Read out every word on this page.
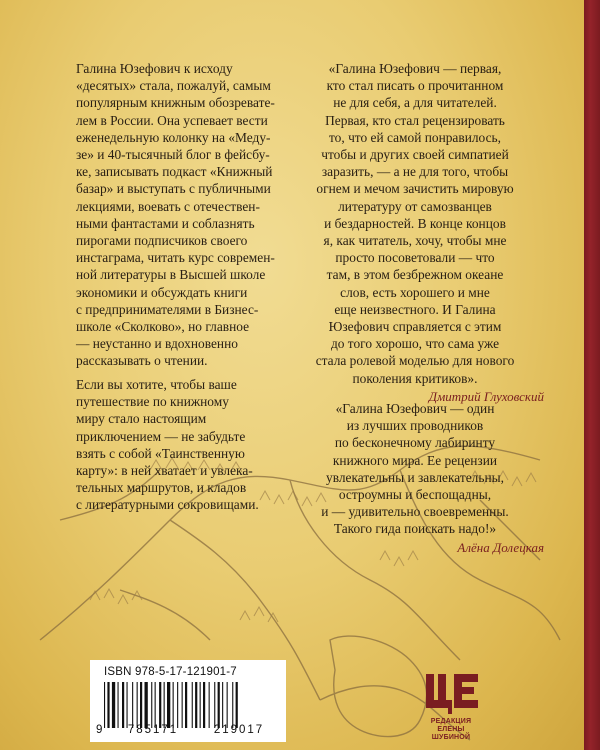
Галина Юзефович к исходу
«десятых» стала, пожалуй, самым
популярным книжным обозревате-
лем в России. Она успевает вести
еженедельную колонку на «Меду-
зе» и 40-тысячный блог в фейсбу-
ке, записывать подкаст «Книжный
базар» и выступать с публичными
лекциями, воевать с отечествен-
ными фантастами и соблазнять
пирогами подписчиков своего
инстаграма, читать курс современ-
ной литературы в Высшей школе
экономики и обсуждать книги
с предпринимателями в Бизнес-
школе «Сколково», но главное
— неустанно и вдохновенно
рассказывать о чтении.
Если вы хотите, чтобы ваше
путешествие по книжному
миру стало настоящим
приключением — не забудьте
взять с собой «Таинственную
карту»: в ней хватает и увлека-
тельных маршрутов, и кладов
с литературными сокровищами.
«Галина Юзефович — первая,
кто стал писать о прочитанном
не для себя, а для читателей.
Первая, кто стал рецензировать
то, что ей самой понравилось,
чтобы и других своей симпатией
заразить, — а не для того, чтобы
огнем и мечом зачистить мировую
литературу от самозванцев
и бездарностей. В конце концов
я, как читатель, хочу, чтобы мне
просто посоветовали — что
там, в этом безбрежном океане
слов, есть хорошего и мне
еще неизвестного. И Галина
Юзефович справляется с этим
до того хорошо, что сама уже
стала ролевой моделью для нового
поколения критиков».
Дмитрий Глуховский
«Галина Юзефович — один
из лучших проводников
по бесконечному лабиринту
книжного мира. Ее рецензии
увлекательны и завлекательны,
остроумны и беспощадны,
и — удивительно своевременны.
Такого гида поискать надо!»
Алёна Долецкая
ISBN 978-5-17-121901-7
9	785171	219017
РЕДАКЦИЯ
ЕЛЕНЫ ШУБИНОЙ
